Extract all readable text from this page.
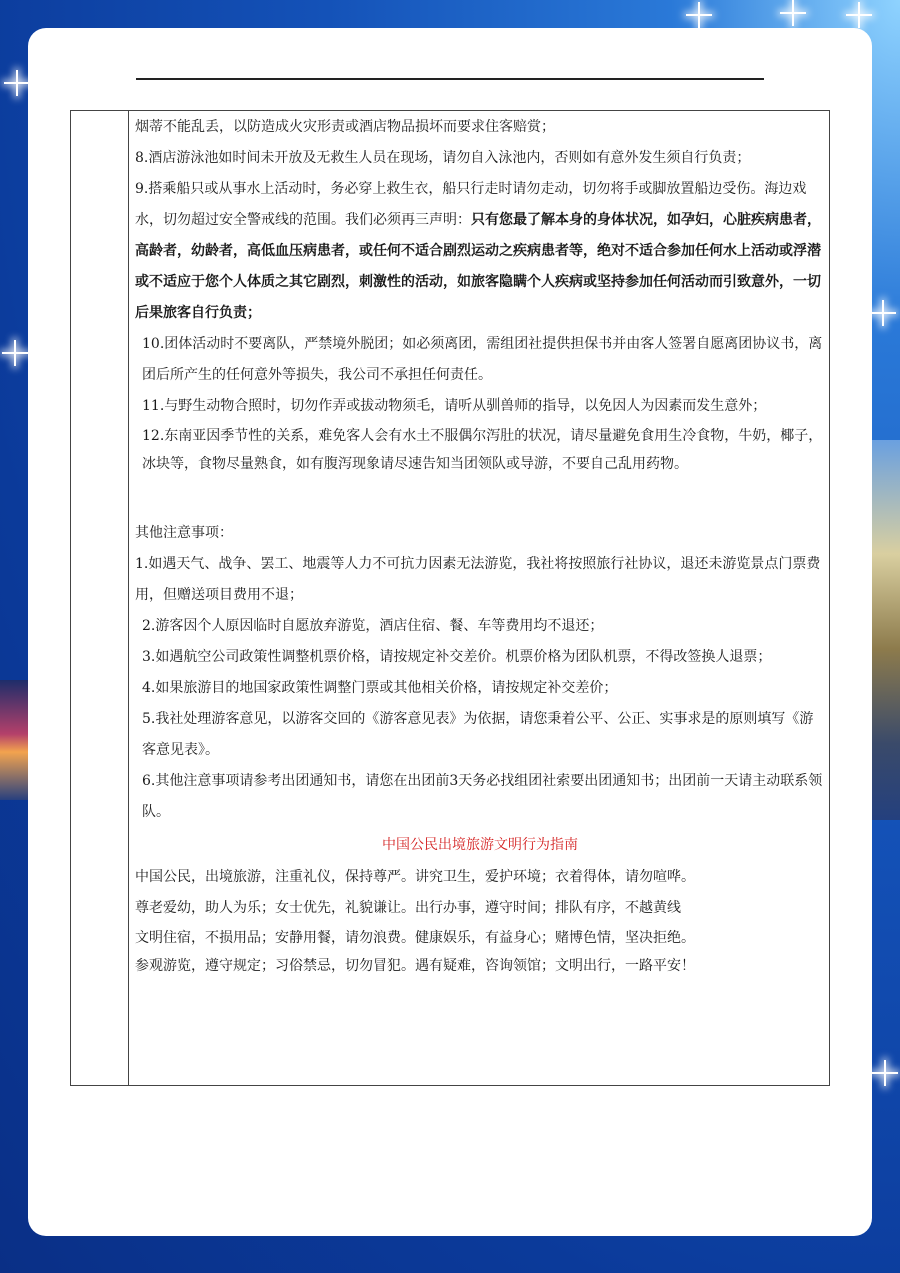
烟蒂不能乱丢，以防造成火灾形责或酒店物品损坏而要求住客赔赏；

8.酒店游泳池如时间未开放及无救生人员在现场，请勿自入泳池内，否则如有意外发生须自行负责；

9.搭乘船只或从事水上活动时，务必穿上救生衣，船只行走时请勿走动，切勿将手或脚放置船边受伤。海边戏水，切勿超过安全警戒线的范围。我们必须再三声明：只有您最了解本身的身体状况，如孕妇，心脏疾病患者，高龄者，幼龄者，高低血压病患者，或任何不适合剧烈运动之疾病患者等，绝对不适合参加任何水上活动或浮潜或不适应于您个人体质之其它剧烈，刺激性的活动，如旅客隐瞒个人疾病或坚持参加任何活动而引致意外，一切后果旅客自行负责；

10.团体活动时不要离队，严禁境外脱团；如必须离团，需组团社提供担保书并由客人签署自愿离团协议书，离团后所产生的任何意外等损失，我公司不承担任何责任。

11.与野生动物合照时，切勿作弄或拔动物须毛，请听从驯兽师的指导，以免因人为因素而发生意外；

12.东南亚因季节性的关系，难免客人会有水土不服偶尔泻肚的状况，请尽量避免食用生冷食物，牛奶，椰子，冰块等，食物尽量熟食，如有腹泻现象请尽速告知当团领队或导游，不要自己乱用药物。

其他注意事项：

1.如遇天气、战争、罢工、地震等人力不可抗力因素无法游览，我社将按照旅行社协议，退还未游览景点门票费用，但赠送项目费用不退；

2.游客因个人原因临时自愿放弃游览，酒店住宿、餐、车等费用均不退还；

3.如遇航空公司政策性调整机票价格，请按规定补交差价。机票价格为团队机票，不得改签换人退票；

4.如果旅游目的地国家政策性调整门票或其他相关价格，请按规定补交差价；

5.我社处理游客意见，以游客交回的《游客意见表》为依据，请您秉着公平、公正、实事求是的原则填写《游客意见表》。

6.其他注意事项请参考出团通知书，请您在出团前3天务必找组团社索要出团通知书；出团前一天请主动联系领队。

中国公民出境旅游文明行为指南

中国公民，出境旅游，注重礼仪，保持尊严。讲究卫生，爱护环境；衣着得体，请勿喧哗。

尊老爱幼，助人为乐；女士优先，礼貌谦让。出行办事，遵守时间；排队有序，不越黄线

文明住宿，不损用品；安静用餐，请勿浪费。健康娱乐，有益身心；赌博色情，坚决拒绝。

参观游览，遵守规定；习俗禁忌，切勿冒犯。遇有疑难，咨询领馆；文明出行，一路平安！
